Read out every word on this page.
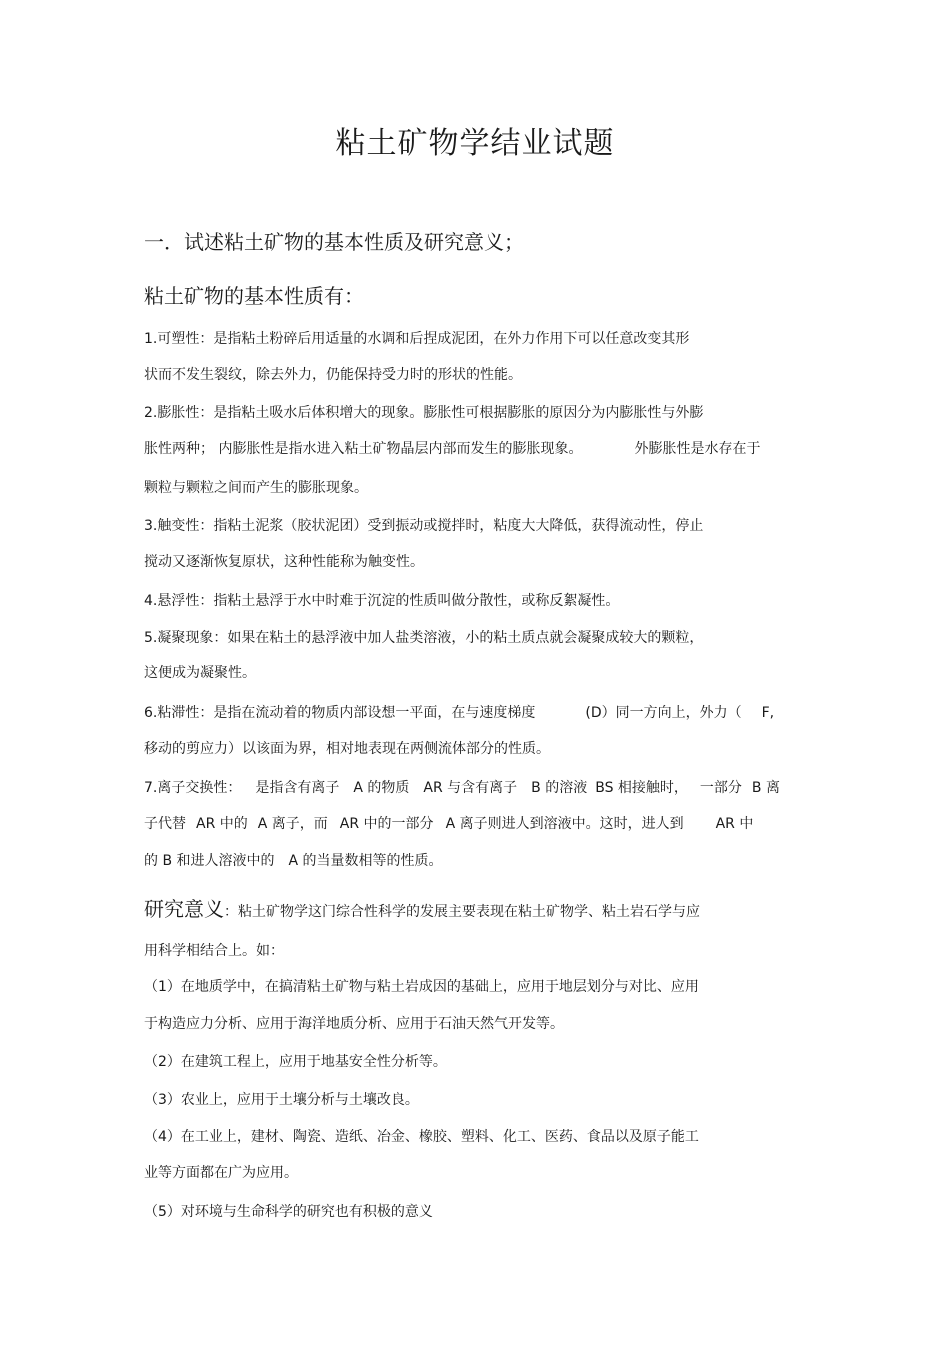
粘土矿物学结业试题
一．试述粘土矿物的基本性质及研究意义；
粘土矿物的基本性质有：
1.可塑性：是指粘土粉碎后用适量的水调和后捏成泥团，在外力作用下可以任意改变其形
状而不发生裂纹，除去外力，仍能保持受力时的形状的性能。
2.膨胀性：是指粘土吸水后体积增大的现象。膨胀性可根据膨胀的原因分为内膨胀性与外膨
胀性两种； 内膨胀性是指水进入粘土矿物晶层内部而发生的膨胀现象。	外膨胀性是水存在于
颗粒与颗粒之间而产生的膨胀现象。
3.触变性：指粘土泥浆（胶状泥团）受到振动或搅拌时，粘度大大降低，获得流动性，停止
搅动又逐渐恢复原状，这种性能称为触变性。
4.悬浮性：指粘土悬浮于水中时难于沉淀的性质叫做分散性，或称反絮凝性。
5.凝聚现象：如果在粘土的悬浮液中加人盐类溶液，小的粘土质点就会凝聚成较大的颗粒，
这便成为凝聚性。
6.粘滞性：是指在流动着的物质内部设想一平面，在与速度梯度	(D）同一方向上，外力（ F,
移动的剪应力）以该面为界，相对地表现在两侧流体部分的性质。
7.离子交换性： 是指含有离子 A 的物质 AR 与含有离子 B 的溶液 BS 相接触时， 一部分 B 离
子代替 AR 中的 A 离子，而 AR 中的一部分 A 离子则进人到溶液中。这时，进人到 AR 中
的 B 和进人溶液中的 A 的当量数相等的性质。
研究意义：粘土矿物学这门综合性科学的发展主要表现在粘土矿物学、粘土岩石学与应
用科学相结合上。如：
（1）在地质学中，在搞清粘土矿物与粘土岩成因的基础上，应用于地层划分与对比、应用
于构造应力分析、应用于海洋地质分析、应用于石油天然气开发等。
（2）在建筑工程上，应用于地基安全性分析等。
（3）农业上，应用于土壤分析与土壤改良。
（4）在工业上，建材、陶瓷、造纸、冶金、橡胶、塑料、化工、医药、食品以及原子能工
业等方面都在广为应用。
（5）对环境与生命科学的研究也有积极的意义
